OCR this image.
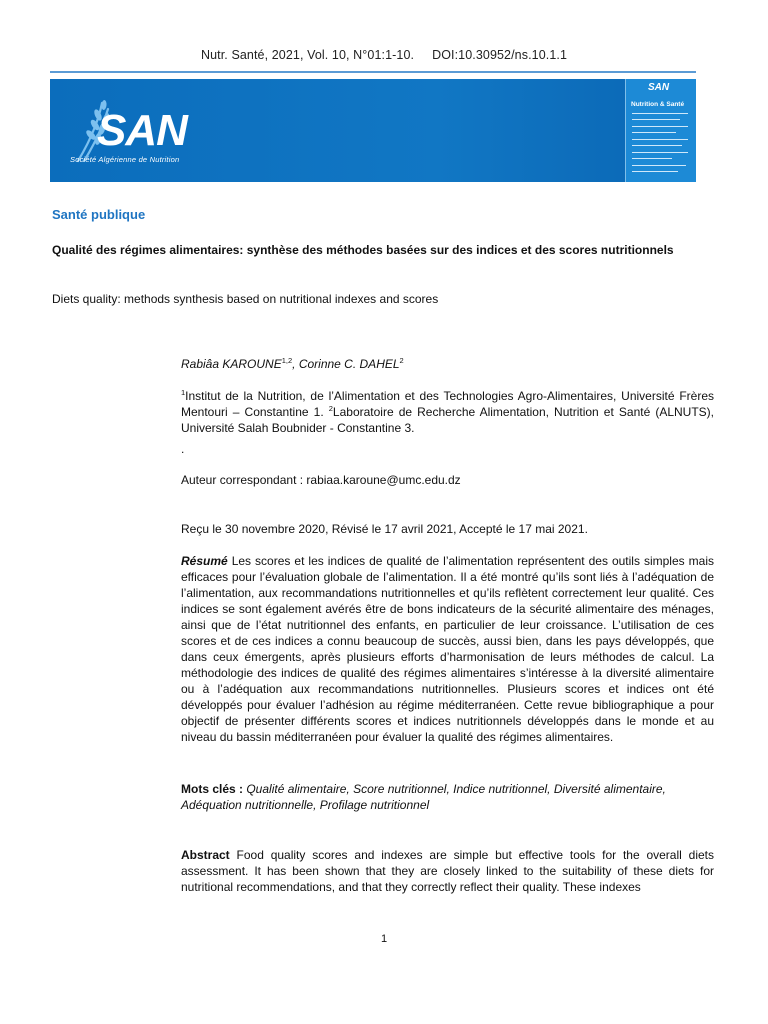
Nutr. Santé, 2021, Vol. 10, N°01:1-10. DOI:10.30952/ns.10.1.1
SAN
Société Algérienne de Nutrition
SAN
Nutrition & Santé
Santé publique
Qualité des régimes alimentaires: synthèse des méthodes basées sur des indices et des scores nutritionnels
Diets quality: methods synthesis based on nutritional indexes and scores
Rabiâa KAROUNE$^{1,2}$, Corinne C. DAHEL$^2$
$^1$Institut de la Nutrition, de l’Alimentation et des Technologies Agro-Alimentaires, Université Frères Mentouri – Constantine 1. $^2$Laboratoire de Recherche Alimentation, Nutrition et Santé (ALNUTS), Université Salah Boubnider - Constantine 3.
.
Auteur correspondant : rabiaa.karoune@umc.edu.dz
Reçu le 30 novembre 2020, Révisé le 17 avril 2021, Accepté le 17 mai 2021.
Résumé Les scores et les indices de qualité de l’alimentation représentent des outils simples mais efficaces pour l’évaluation globale de l’alimentation. Il a été montré qu’ils sont liés à l’adéquation de l’alimentation, aux recommandations nutritionnelles et qu’ils reflètent correctement leur qualité. Ces indices se sont également avérés être de bons indicateurs de la sécurité alimentaire des ménages, ainsi que de l’état nutritionnel des enfants, en particulier de leur croissance. L’utilisation de ces scores et de ces indices a connu beaucoup de succès, aussi bien, dans les pays développés, que dans ceux émergents, après plusieurs efforts d’harmonisation de leurs méthodes de calcul. La méthodologie des indices de qualité des régimes alimentaires s’intéresse à la diversité alimentaire ou à l’adéquation aux recommandations nutritionnelles. Plusieurs scores et indices ont été développés pour évaluer l’adhésion au régime méditerranéen. Cette revue bibliographique a pour objectif de présenter différents scores et indices nutritionnels développés dans le monde et au niveau du bassin méditerranéen pour évaluer la qualité des régimes alimentaires.
Mots clés : Qualité alimentaire, Score nutritionnel, Indice nutritionnel, Diversité alimentaire, Adéquation nutritionnelle, Profilage nutritionnel
Abstract Food quality scores and indexes are simple but effective tools for the overall diets assessment. It has been shown that they are closely linked to the suitability of these diets for nutritional recommendations, and that they correctly reflect their quality. These indexes
1
